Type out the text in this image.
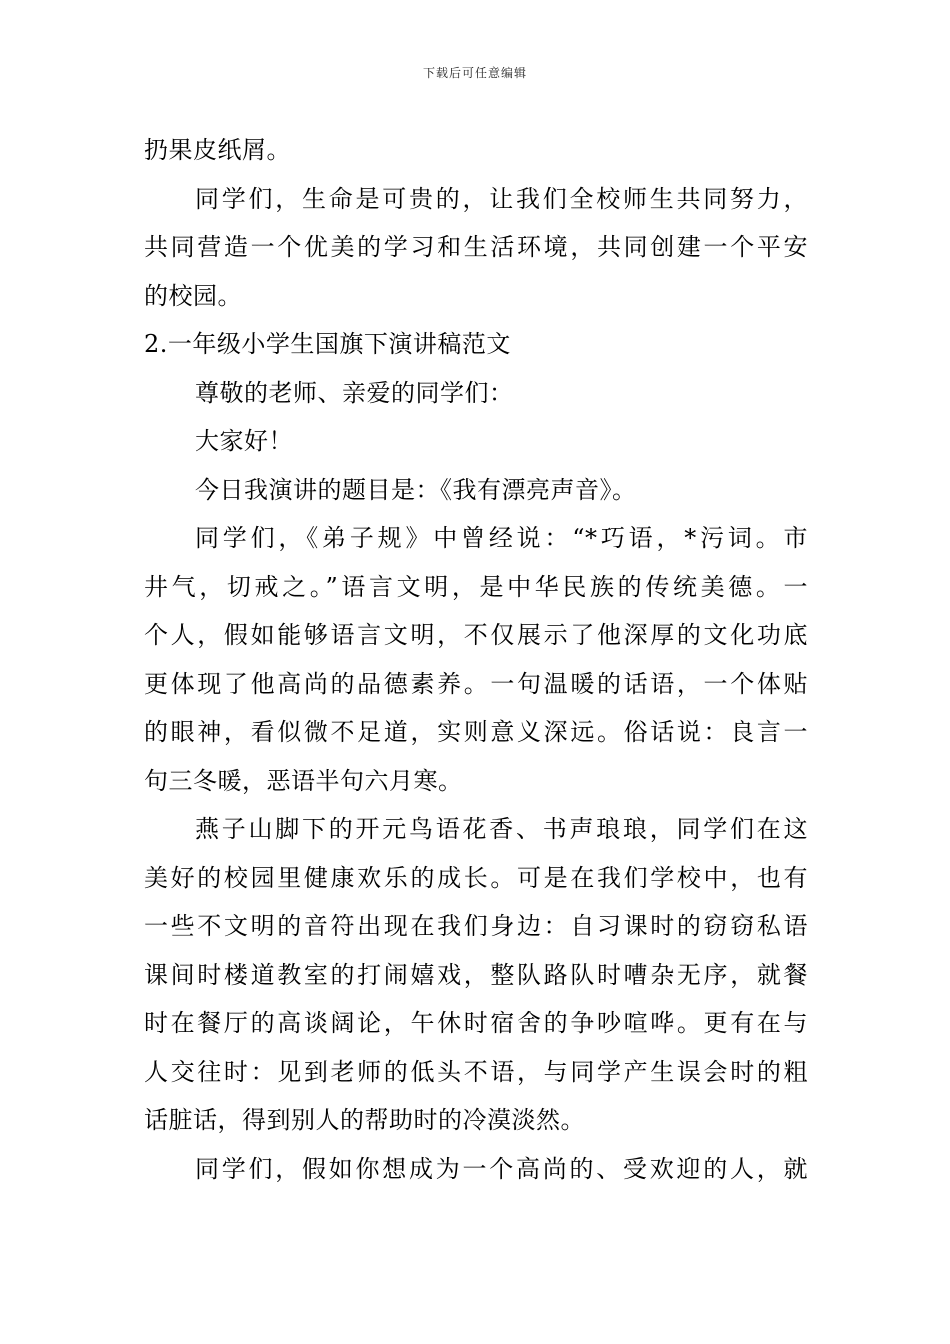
下载后可任意编辑
扔果皮纸屑。
同学们，生命是可贵的，让我们全校师生共同努力，
共同营造一个优美的学习和生活环境，共同创建一个平安
的校园。
2.一年级小学生国旗下演讲稿范文
尊敬的老师、亲爱的同学们：
大家好！
今日我演讲的题目是：《我有漂亮声音》。
同学们，《弟子规》中曾经说：“*巧语，*污词。市
井气，切戒之。”语言文明，是中华民族的传统美德。一
个人，假如能够语言文明，不仅展示了他深厚的文化功底
更体现了他高尚的品德素养。一句温暖的话语，一个体贴
的眼神，看似微不足道，实则意义深远。俗话说：良言一
句三冬暖，恶语半句六月寒。
燕子山脚下的开元鸟语花香、书声琅琅，同学们在这
美好的校园里健康欢乐的成长。可是在我们学校中，也有
一些不文明的音符出现在我们身边：自习课时的窃窃私语
课间时楼道教室的打闹嬉戏，整队路队时嘈杂无序，就餐
时在餐厅的高谈阔论，午休时宿舍的争吵喧哗。更有在与
人交往时：见到老师的低头不语，与同学产生误会时的粗
话脏话，得到别人的帮助时的冷漠淡然。
同学们，假如你想成为一个高尚的、受欢迎的人，就
